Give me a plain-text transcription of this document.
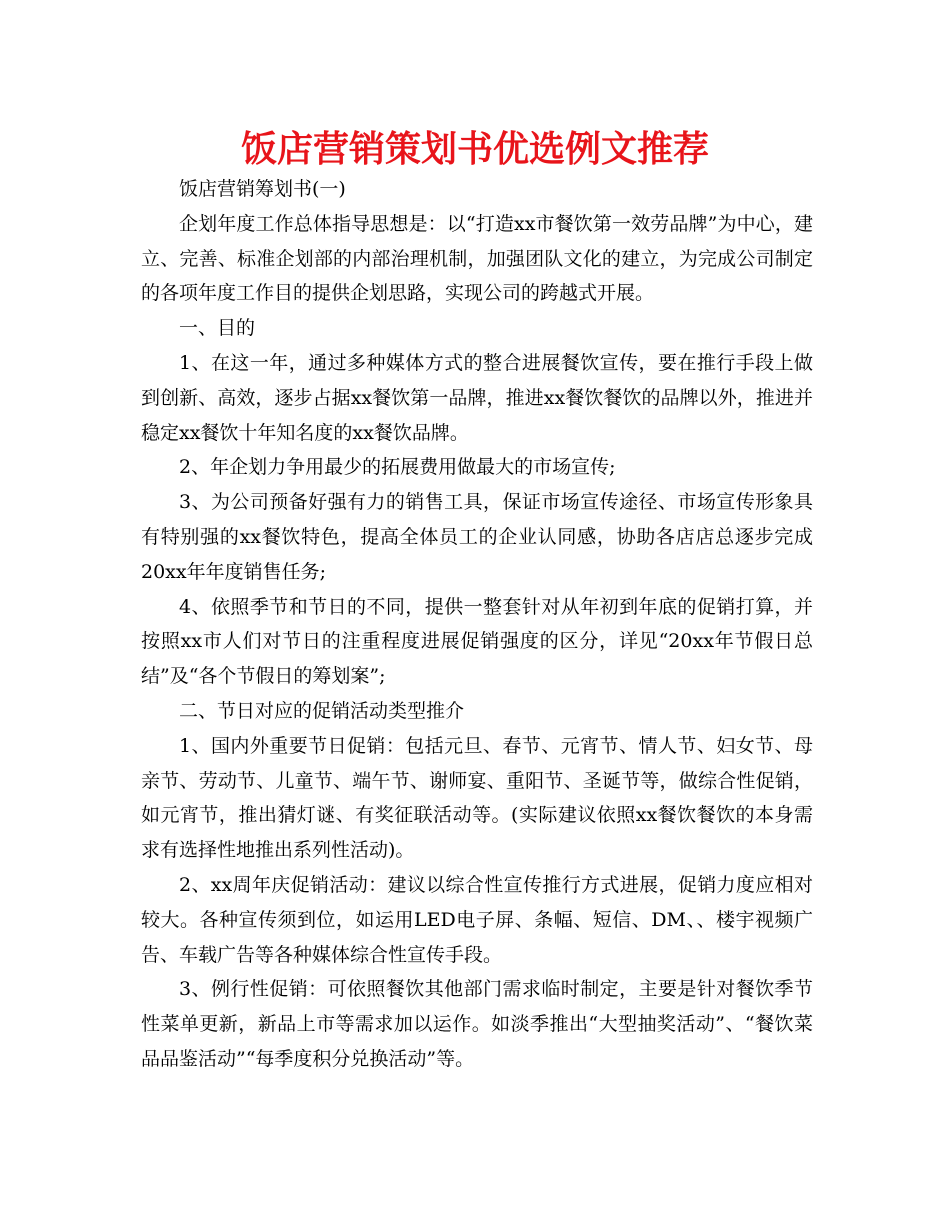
饭店营销策划书优选例文推荐

饭店营销筹划书(一)

企划年度工作总体指导思想是：以“打造xx市餐饮第一效劳品牌”为中心，建立、完善、标准企划部的内部治理机制，加强团队文化的建立，为完成公司制定的各项年度工作目的提供企划思路，实现公司的跨越式开展。

一、目的

1、在这一年，通过多种媒体方式的整合进展餐饮宣传，要在推行手段上做到创新、高效，逐步占据xx餐饮第一品牌，推进xx餐饮餐饮的品牌以外，推进并稳定xx餐饮十年知名度的xx餐饮品牌。

2、年企划力争用最少的拓展费用做最大的市场宣传;

3、为公司预备好强有力的销售工具，保证市场宣传途径、市场宣传形象具有特别强的xx餐饮特色，提高全体员工的企业认同感，协助各店店总逐步完成20xx年年度销售任务;

4、依照季节和节日的不同，提供一整套针对从年初到年底的促销打算，并按照xx市人们对节日的注重程度进展促销强度的区分，详见“20xx年节假日总结”及“各个节假日的筹划案”;

二、节日对应的促销活动类型推介

1、国内外重要节日促销：包括元旦、春节、元宵节、情人节、妇女节、母亲节、劳动节、儿童节、端午节、谢师宴、重阳节、圣诞节等，做综合性促销，如元宵节，推出猜灯谜、有奖征联活动等。(实际建议依照xx餐饮餐饮的本身需求有选择性地推出系列性活动)。

2、xx周年庆促销活动：建议以综合性宣传推行方式进展，促销力度应相对较大。各种宣传须到位，如运用LED电子屏、条幅、短信、DM、、楼宇视频广告、车载广告等各种媒体综合性宣传手段。

3、例行性促销：可依照餐饮其他部门需求临时制定，主要是针对餐饮季节性菜单更新，新品上市等需求加以运作。如淡季推出“大型抽奖活动”、“餐饮菜品品鉴活动”“每季度积分兑换活动”等。
